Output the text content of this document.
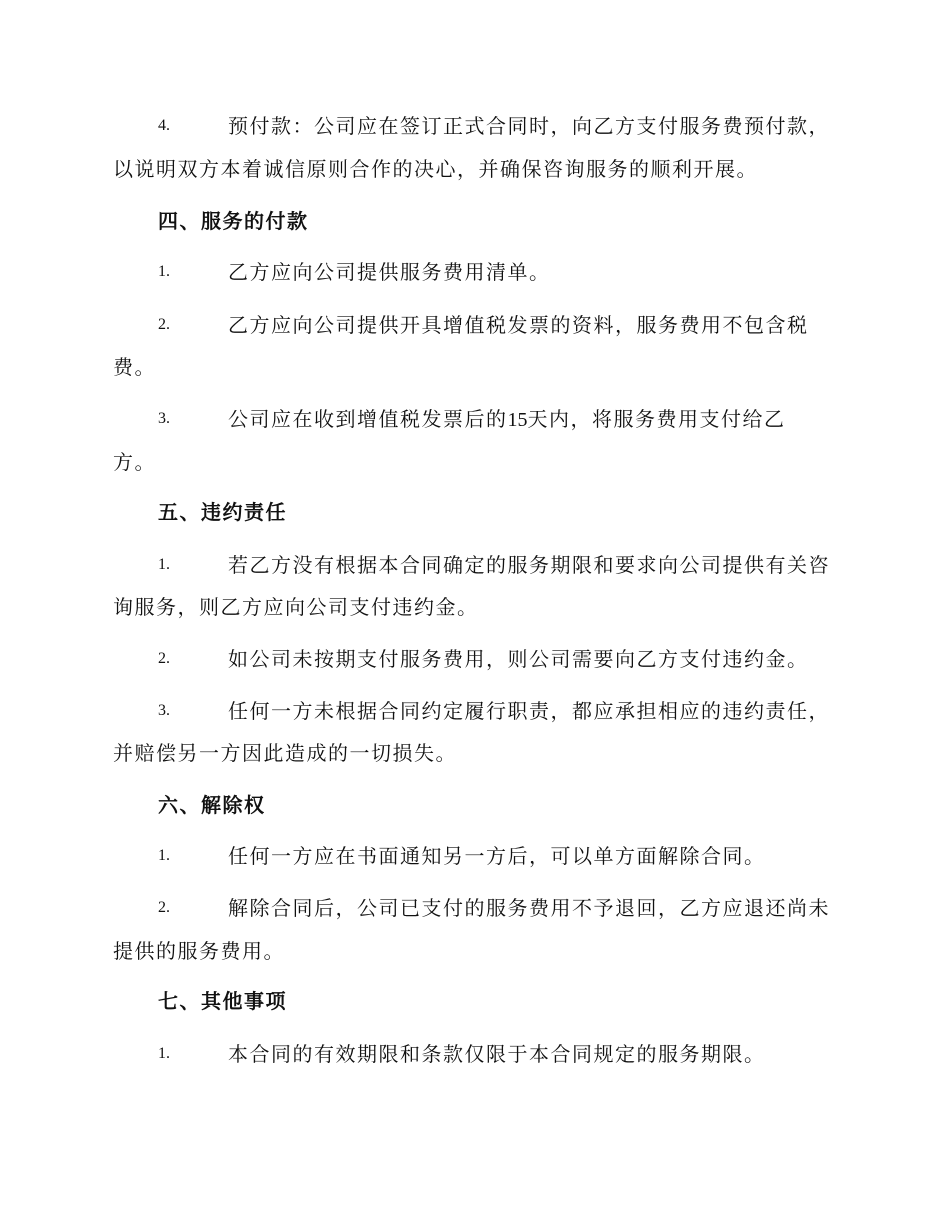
4.	预付款：公司应在签订正式合同时，向乙方支付服务费预付款，
以说明双方本着诚信原则合作的决心，并确保咨询服务的顺利开展。
四、服务的付款
1.	乙方应向公司提供服务费用清单。
2.	乙方应向公司提供开具增值税发票的资料，服务费用不包含税
费。
3.	公司应在收到增值税发票后的15天内，将服务费用支付给乙
方。
五、违约责任
1.	若乙方没有根据本合同确定的服务期限和要求向公司提供有关咨
询服务，则乙方应向公司支付违约金。
2.	如公司未按期支付服务费用，则公司需要向乙方支付违约金。
3.	任何一方未根据合同约定履行职责，都应承担相应的违约责任，
并赔偿另一方因此造成的一切损失。
六、解除权
1.	任何一方应在书面通知另一方后，可以单方面解除合同。
2.	解除合同后，公司已支付的服务费用不予退回，乙方应退还尚未
提供的服务费用。
七、其他事项
1.	本合同的有效期限和条款仅限于本合同规定的服务期限。
